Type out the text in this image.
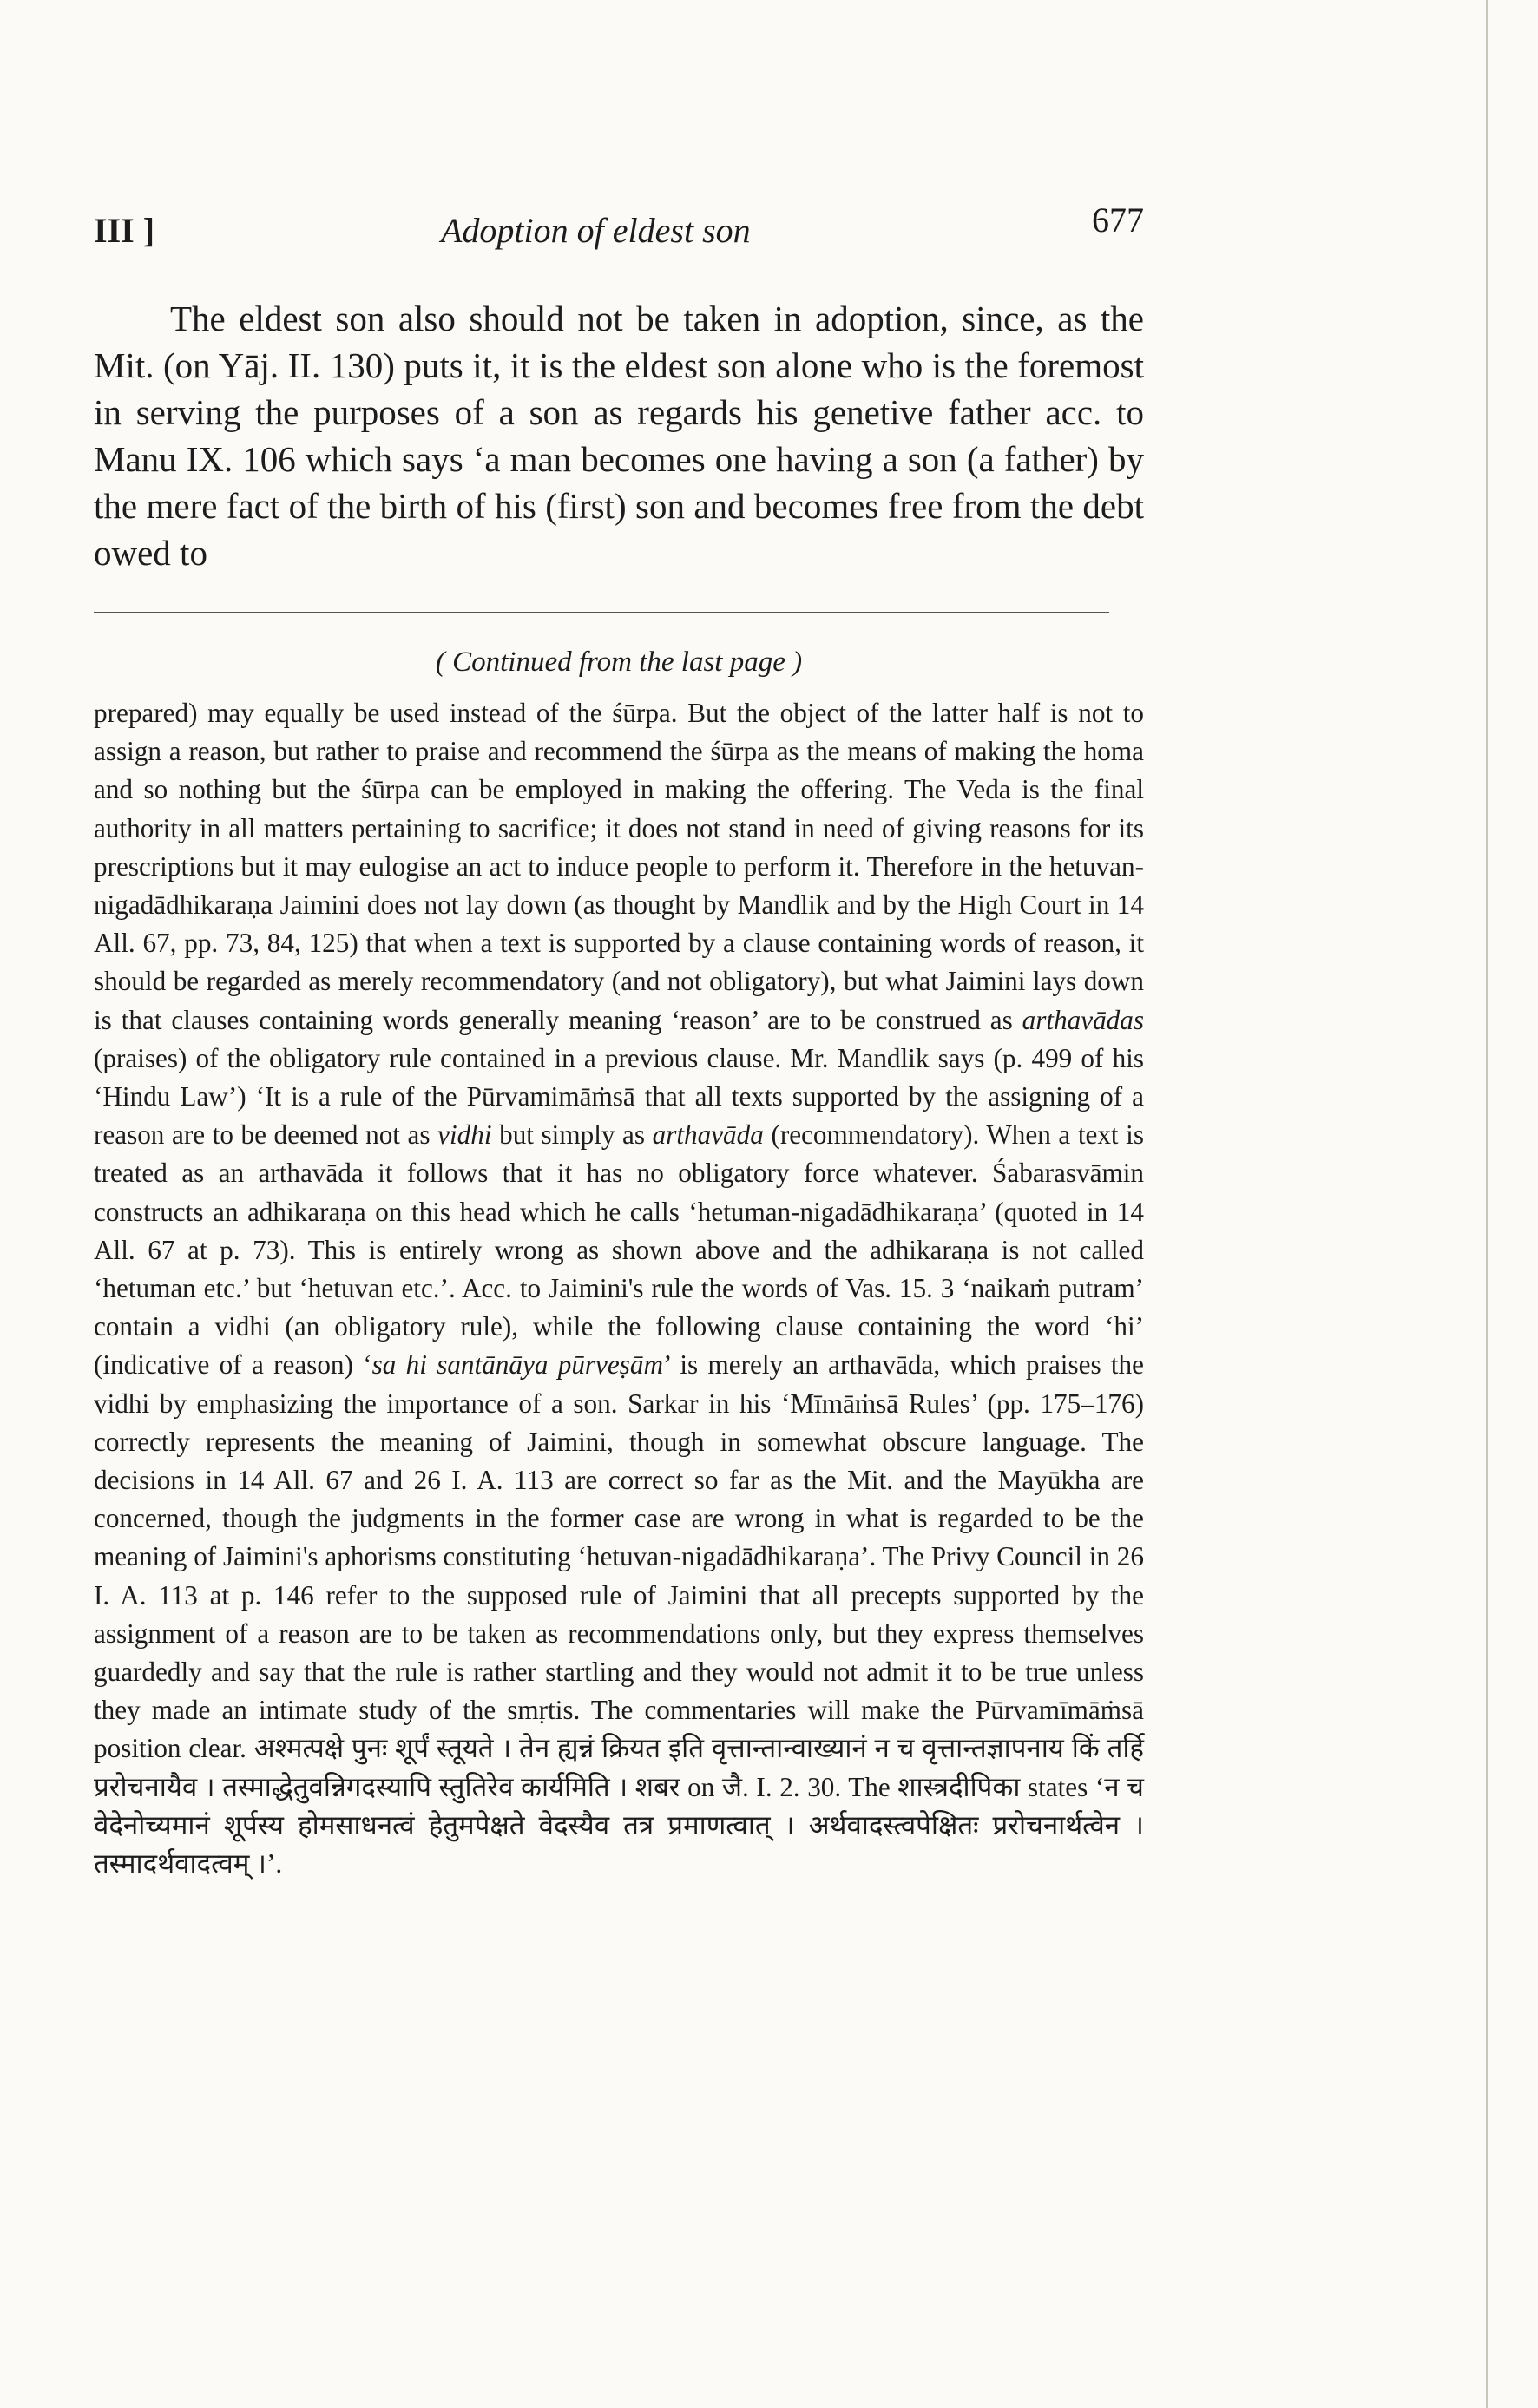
III ]	Adoption of eldest son	677

The eldest son also should not be taken in adoption, since, as the Mit. (on Yāj. II. 130) puts it, it is the eldest son alone who is the foremost in serving the purposes of a son as regards his genetive father acc. to Manu IX. 106 which says ‘a man becomes one having a son (a father) by the mere fact of the birth of his (first) son and becomes free from the debt owed to

( Continued from the last page )

prepared) may equally be used instead of the śūrpa. But the object of the latter half is not to assign a reason, but rather to praise and recommend the śūrpa as the means of making the homa and so nothing but the śūrpa can be employed in making the offering. The Veda is the final authority in all matters pertaining to sacrifice; it does not stand in need of giving reasons for its prescriptions but it may eulogise an act to induce people to perform it. Therefore in the hetuvan-nigadādhikaraṇa Jaimini does not lay down (as thought by Mandlik and by the High Court in 14 All. 67, pp. 73, 84, 125) that when a text is supported by a clause containing words of reason, it should be regarded as merely recommendatory (and not obligatory), but what Jaimini lays down is that clauses containing words generally meaning ‘reason’ are to be construed as arthavādas (praises) of the obligatory rule contained in a previous clause. Mr. Mandlik says (p. 499 of his ‘Hindu Law’) ‘It is a rule of the Pūrvamimāṁsā that all texts supported by the assigning of a reason are to be deemed not as vidhi but simply as arthavāda (recommendatory). When a text is treated as an arthavāda it follows that it has no obligatory force whatever. Śabarasvāmin constructs an adhikaraṇa on this head which he calls ‘hetuman-nigadādhikaraṇa’ (quoted in 14 All. 67 at p. 73). This is entirely wrong as shown above and the adhikaraṇa is not called ‘hetuman etc.’ but ‘hetuvan etc.’. Acc. to Jaimini's rule the words of Vas. 15. 3 ‘naikaṁ putram’ contain a vidhi (an obligatory rule), while the following clause containing the word ‘hi’ (indicative of a reason) ‘sa hi santānāya pūrveṣām’ is merely an arthavāda, which praises the vidhi by emphasizing the importance of a son. Sarkar in his ‘Mīmāṁsā Rules’ (pp. 175–176) correctly represents the meaning of Jaimini, though in somewhat obscure language. The decisions in 14 All. 67 and 26 I. A. 113 are correct so far as the Mit. and the Mayūkha are concerned, though the judgments in the former case are wrong in what is regarded to be the meaning of Jaimini's aphorisms constituting ‘hetuvan-nigadādhikaraṇa’. The Privy Council in 26 I. A. 113 at p. 146 refer to the supposed rule of Jaimini that all precepts supported by the assignment of a reason are to be taken as recommendations only, but they express themselves guardedly and say that the rule is rather startling and they would not admit it to be true unless they made an intimate study of the smṛtis. The commentaries will make the Pūrvamīmāṁsā position clear. अश्मत्पक्षे पुनः शूर्पं स्तूयते । तेन ह्यन्नं क्रियत इति वृत्तान्तान्वाख्यानं न च वृत्तान्तज्ञापनाय किं तर्हि प्ररोचनायैव । तस्माद्धेतुवन्निगदस्यापि स्तुतिरेव कार्यमिति । शबर on जै. I. 2. 30. The शास्त्रदीपिका states ‘न च वेदेनोच्यमानं शूर्पस्य होमसाधनत्वं हेतुमपेक्षते वेदस्यैव तत्र प्रमाणत्वात् । अर्थवादस्त्वपेक्षितः प्ररोचनार्थत्वेन । तस्मादर्थवादत्वम् ।’.
